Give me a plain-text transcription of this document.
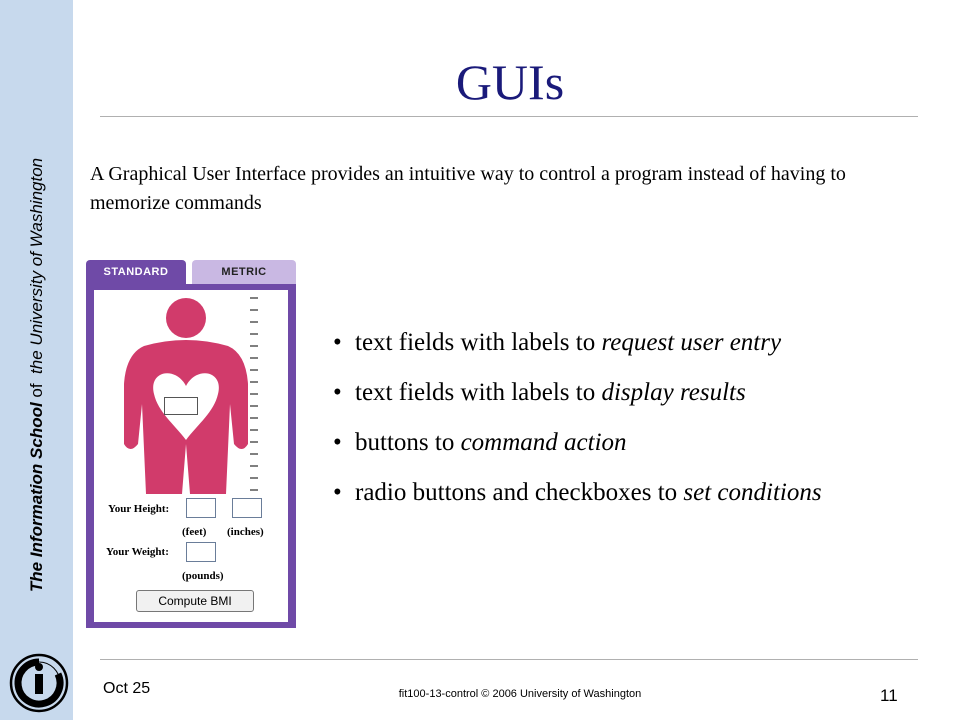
The Information School of  the University of Washington
GUIs
A Graphical User Interface provides an intuitive way to control a program instead of having to memorize commands
STANDARD	METRIC
Your Height:
(feet) (inches)
Your Weight:
(pounds)
Compute BMI
• text fields with labels to request user entry
• text fields with labels to display results
• buttons to command action
• radio buttons and checkboxes to set conditions
Oct 25	fit100-13-control © 2006 University of Washington	11
